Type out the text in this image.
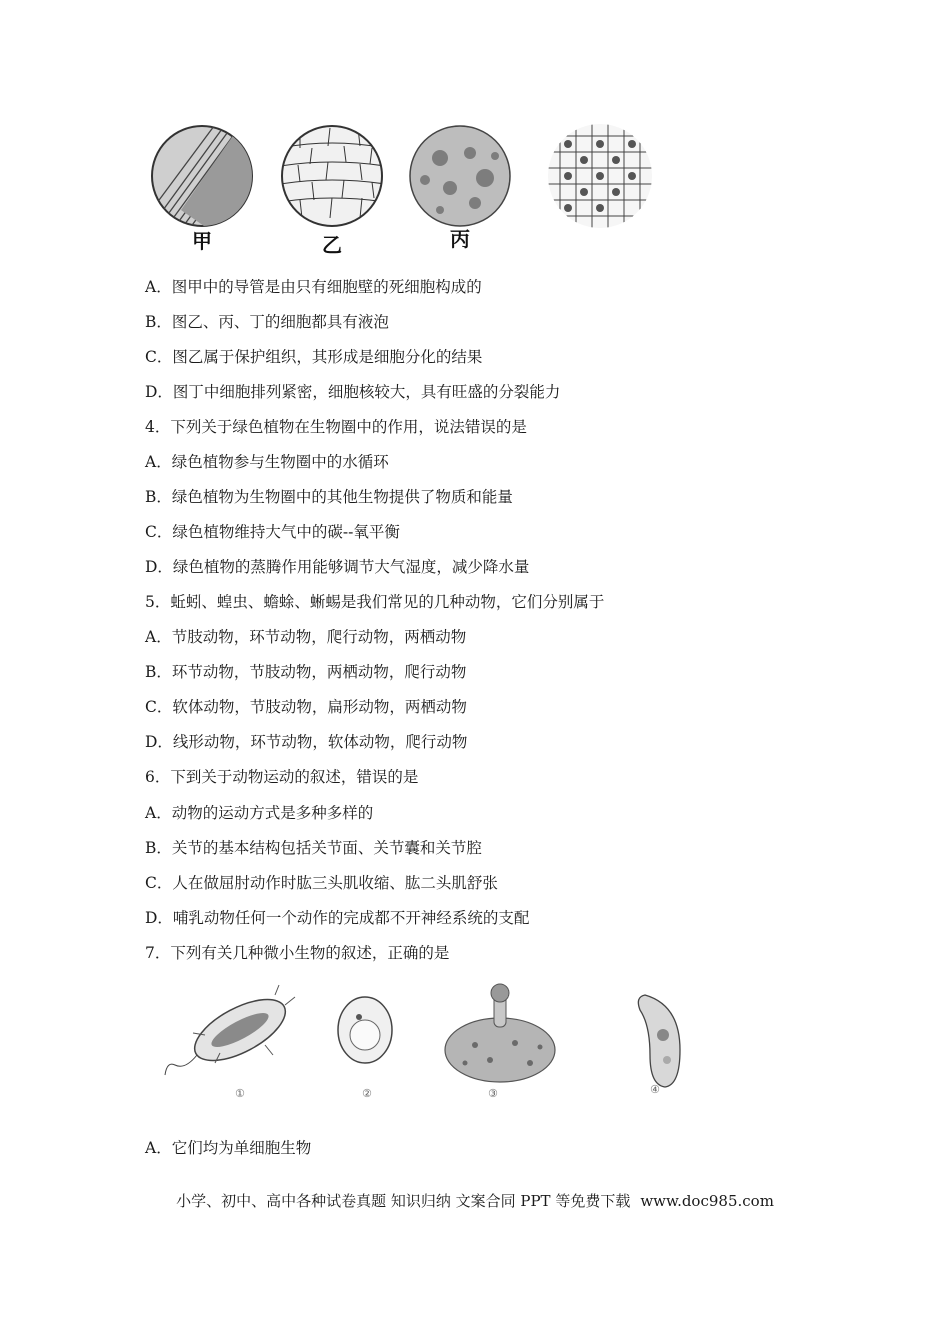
甲	乙	丙
A．图甲中的导管是由只有细胞壁的死细胞构成的
B．图乙、丙、丁的细胞都具有液泡
C．图乙属于保护组织，其形成是细胞分化的结果
D．图丁中细胞排列紧密，细胞核较大，具有旺盛的分裂能力
4．下列关于绿色植物在生物圈中的作用，说法错误的是
A．绿色植物参与生物圈中的水循环
B．绿色植物为生物圈中的其他生物提供了物质和能量
C．绿色植物维持大气中的碳--氧平衡
D．绿色植物的蒸腾作用能够调节大气湿度，减少降水量
5．蚯蚓、蝗虫、蟾蜍、蜥蜴是我们常见的几种动物，它们分别属于
A．节肢动物，环节动物，爬行动物，两栖动物
B．环节动物，节肢动物，两栖动物，爬行动物
C．软体动物，节肢动物，扁形动物，两栖动物
D．线形动物，环节动物，软体动物，爬行动物
6．下到关于动物运动的叙述，错误的是
A．动物的运动方式是多种多样的
B．关节的基本结构包括关节面、关节囊和关节腔
C．人在做屈肘动作时肱三头肌收缩、肱二头肌舒张
D．哺乳动物任何一个动作的完成都不开神经系统的支配
7．下列有关几种微小生物的叙述，正确的是
①	②	③	④
A．它们均为单细胞生物
小学、初中、高中各种试卷真题 知识归纳 文案合同 PPT 等免费下载 www.doc985.com
